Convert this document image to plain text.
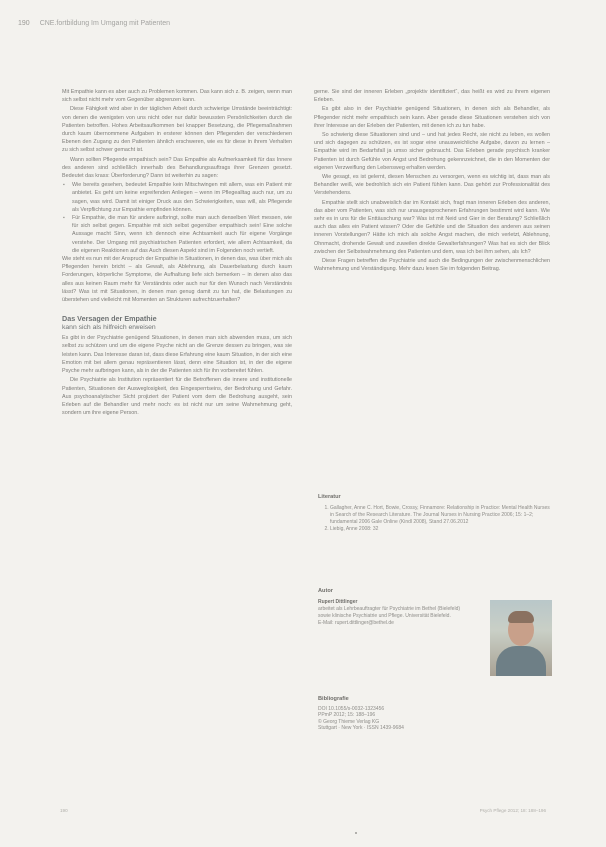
190 CNE.fortbildung Im Umgang mit Patienten

Mit Empathie kann es aber auch zu Problemen kommen. Das kann sich z. B. zeigen, wenn man sich selbst nicht mehr vom Gegenüber abgrenzen kann.

Diese Fähigkeit wird aber in der täglichen Arbeit durch schwierige Umstände beeinträchtigt: von denen die wenigsten von uns nicht oder nur dafür bewussten Persönlichkeiten durch die Patienten betroffen. Hohes Arbeitsaufkommen bei knapper Besetzung, die Pflegemaßnahmen durch kaum übernommene Aufgaben in ersterer können den Pflegenden der verschiedenen Ebenen den Zugang zu den Patienten ähnlich erschweren, wie es für diese in ihrem Verhalten zu sich selbst schwer gemacht ist.

Wann sollten Pflegende empathisch sein? Das Empathie als Aufmerksamkeit für das Innere des anderen sind schließlich innerhalb des Behandlungsauftrags ihrer Grenzen gesetzt. Bedeutet das krass: Überforderung? Dann ist weiterhin zu sagen:

▪ Wie bereits gesehen, bedeutet Empathie kein Mitschwingen mit allem, was ein Patient mir anbietet. Es geht um keine ergreifenden Anliegen – wenn im Pflegealltag auch nur, um zu sagen, was wird. Damit ist einiger Druck aus den Schwierigkeiten, was will, als Pflegende als Verpflichtung zur Empathie empfinden können.
▪ Für Empathie, die man für andere aufbringt, sollte man auch denselben Wert messen, wie für sich selbst gegen. Empathie mit sich selbst gegenüber empathisch sein! Eine solche Aussage macht Sinn, wenn ich dennoch eine Achtsamkeit auch für eigene Vorgänge verstehe. Der Umgang mit psychiatrischen Patienten erfordert, wie allem Achtsamkeit, da die eigenen Reaktionen auf das Auch diesen Aspekt sind im Folgenden noch vertieft.

Wie steht es nun mit der Anspruch der Empathie in Situationen, in denen das, was über mich als Pflegenden herein bricht – als Gewalt, als Ablehnung, als Dauerbelastung durch kaum Forderungen, körperliche Symptome, die Aufhaltung liefe sich bemerken – in denen also das alles aus keinen Raum mehr für Verständnis oder auch nur für den Wunsch nach Verständnis lässt? Was ist mit Situationen, in denen man genug damit zu tun hat, die Belastungen zu überstehen und vielleicht mit Momenten an Strukturen aufrechtzuerhalten?

Das Versagen der Empathie
kann sich als hilfreich erweisen

Es gibt in der Psychiatrie genügend Situationen, in denen man sich abwenden muss, um sich selbst zu schützen und um die eigene Psyche nicht an die Grenze dessen zu bringen, was sie leisten kann. Das Interesse daran ist, dass diese Erfahrung eine kaum Situation, in der sich eine Emotion mit bei allem genau repräsentieren lässt, denn eine Situation ist, in der die eigene Psyche mehr aufbringen kann, als in der die Patienten sich für ihn vorbereitet fühlen.

Die Psychiatrie als Institution repräsentiert für die Betroffenen die innere und institutionelle Patienten, Situationen der Ausweglosigkeit, des Eingesperrtseins, der Bedrohung und Gefahr. Aus psychoanalytischer Sicht projiziert der Patient vom dem die Bedrohung ausgeht, sein Erleben auf die Behandler und mehr noch: es ist nicht nur um seine Wahrnehmung geht, sondern um ihre eigene Person.

gerne. Sie sind der inneren Erleben „projektiv identifiziert“, das heißt es wird zu ihrem eigenen Erleben.

Es gibt also in der Psychiatrie genügend Situationen, in denen sich als Behandler, als Pflegender nicht mehr empathisch sein kann. Aber gerade diese Situationen verstehen sich von ihrer Interesse an der Erleben der Patienten, mit denen ich zu tun habe.

So schwierig diese Situationen sind und – und hat jedes Recht, sie nicht zu leben, es wollen und sich dagegen zu schützen, es ist sogar eine unausweichliche Aufgabe, davon zu lernen – Empathie wird im Bedarfsfall ja umso sicher gebraucht. Das Erleben gerade psychisch kranker Patienten ist durch Gefühle von Angst und Bedrohung gekennzeichnet, die in den Momenten der eigenen Verzweiflung den Lebensweg erhalten werden.

Wie gesagt, es ist gelernt, diesen Menschen zu versorgen, wenn es wichtig ist, dass man als Behandler weiß, wie bedrohlich sich ein Patient fühlen kann. Das gehört zur Professionalität des Verstehendens.

Empathie stellt sich unabweislich dar im Kontakt sich, fragt man inneren Erleben des anderen, das aber vom Patienten, was sich nur unausgesprochenen Erfahrungen bestimmt wird kann. Wie sehr es in uns für die Enttäuschung war? Was ist mit Neid und Gier in der Beratung? Schließlich auch das alles ein Patient wissen? Oder die Gefühle und die Situation des anderen aus seinen inneren Vorstellungen? Hätte ich mich als solche Angst machen, die mich verletzt, Ablehnung, Ohnmacht, drohende Gewalt und zuweilen direkte Gewalterfahrungen? Was hat es sich der Blick zwischen der Selbstwahrnehmung des Patienten und dem, was ich bei ihm sehen, als Ich?

Diese Fragen betreffen die Psychiatrie und auch die Bedingungen der zwischenmenschlichen Wahrnehmung und Verständigung. Mehr dazu lesen Sie im folgenden Beitrag.

Literatur
1. Gallagher, Anne C. Hort, Bowie, Crossy, Finnamore: Relationship in Practice: Mental Health Nurses in Search of the Research Literature. The Journal Nurses in Nursing Practice 2006; 15: 1–2; fundamental 2006 Gale Online (Kindl 2008), Stand 27.06.2012
2. Liebig, Anne 2008: 32
Autor
Rupert Dittlinger
arbeitet als Lehrbeauftragter für Psychiatrie im Bethel (Bielefeld) sowie klinische Psychiatrie und Pflege. Universität Bielefeld.
E-Mail: rupert.dittlinger@bethel.de
Bibliografie
DOI 10.1055/s-0032-1323456
PPmP 2012; 15: 188–196
© Georg Thieme Verlag KG
Stuttgart · New York · ISSN 1439-9684
190	Psych Pflege 2012; 18: 188–196
